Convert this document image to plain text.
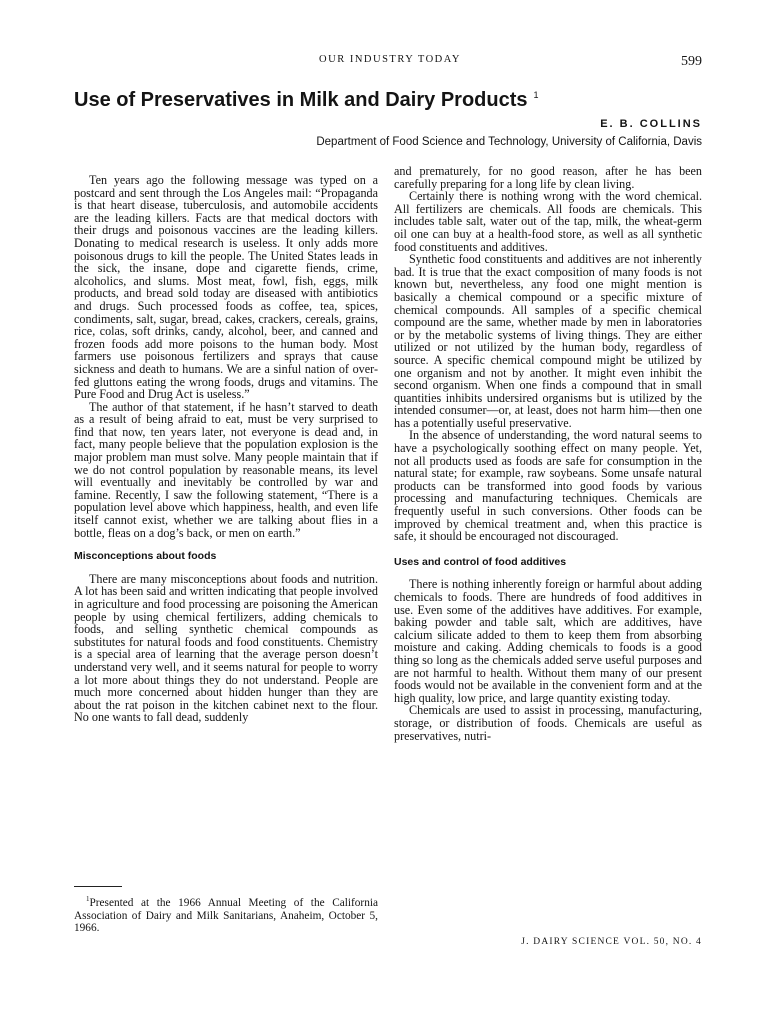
OUR INDUSTRY TODAY	599
Use of Preservatives in Milk and Dairy Products $^1$
E. B. COLLINS
Department of Food Science and Technology, University of California, Davis

Ten years ago the following message was typed on a postcard and sent through the Los Angeles mail: “Propaganda is that heart disease, tuberculosis, and automobile accidents are the leading killers. Facts are that medical doctors with their drugs and poisonous vaccines are the leading killers. Donating to medical research is useless. It only adds more poisonous drugs to kill the people. The United States leads in the sick, the insane, dope and cigarette fiends, crime, alcoholics, and slums. Most meat, fowl, fish, eggs, milk products, and bread sold today are diseased with antibiotics and drugs. Such processed foods as coffee, tea, spices, condiments, salt, sugar, bread, cakes, crackers, cereals, grains, rice, colas, soft drinks, candy, alcohol, beer, and canned and frozen foods add more poisons to the human body. Most farmers use poisonous fertilizers and sprays that cause sickness and death to humans. We are a sinful nation of over-fed gluttons eating the wrong foods, drugs and vitamins. The Pure Food and Drug Act is useless.”

The author of that statement, if he hasn’t starved to death as a result of being afraid to eat, must be very surprised to find that now, ten years later, not everyone is dead and, in fact, many people believe that the population explosion is the major problem man must solve. Many people maintain that if we do not control population by reasonable means, its level will eventually and inevitably be controlled by war and famine. Recently, I saw the following statement, “There is a population level above which happiness, health, and even life itself cannot exist, whether we are talking about flies in a bottle, fleas on a dog’s back, or men on earth.”

Misconceptions about foods

There are many misconceptions about foods and nutrition. A lot has been said and written indicating that people involved in agriculture and food processing are poisoning the American people by using chemical fertilizers, adding chemicals to foods, and selling synthetic chemical compounds as substitutes for natural foods and food constituents. Chemistry is a special area of learning that the average person doesn’t understand very well, and it seems natural for people to worry a lot more about things they do not understand. People are much more concerned about hidden hunger than they are about the rat poison in the kitchen cabinet next to the flour. No one wants to fall dead, suddenly

and prematurely, for no good reason, after he has been carefully preparing for a long life by clean living.

Certainly there is nothing wrong with the word chemical. All fertilizers are chemicals. All foods are chemicals. This includes table salt, water out of the tap, milk, the wheat-germ oil one can buy at a health-food store, as well as all synthetic food constituents and additives.

Synthetic food constituents and additives are not inherently bad. It is true that the exact composition of many foods is not known but, nevertheless, any food one might mention is basically a chemical compound or a specific mixture of chemical compounds. All samples of a specific chemical compound are the same, whether made by men in laboratories or by the metabolic systems of living things. They are either utilized or not utilized by the human body, regardless of source. A specific chemical compound might be utilized by one organism and not by another. It might even inhibit the second organism. When one finds a compound that in small quantities inhibits undersired organisms but is utilized by the intended consumer—or, at least, does not harm him—then one has a potentially useful preservative.

In the absence of understanding, the word natural seems to have a psychologically soothing effect on many people. Yet, not all products used as foods are safe for consumption in the natural state; for example, raw soybeans. Some unsafe natural products can be transformed into good foods by various processing and manufacturing techniques. Chemicals are frequently useful in such conversions. Other foods can be improved by chemical treatment and, when this practice is safe, it should be encouraged not discouraged.

Uses and control of food additives

There is nothing inherently foreign or harmful about adding chemicals to foods. There are hundreds of food additives in use. Even some of the additives have additives. For example, baking powder and table salt, which are additives, have calcium silicate added to them to keep them from absorbing moisture and caking. Adding chemicals to foods is a good thing so long as the chemicals added serve useful purposes and are not harmful to health. Without them many of our present foods would not be available in the convenient form and at the high quality, low price, and large quantity existing today.

Chemicals are used to assist in processing, manufacturing, storage, or distribution of foods. Chemicals are useful as preservatives, nutri-

$^1$Presented at the 1966 Annual Meeting of the California Association of Dairy and Milk Sanitarians, Anaheim, October 5, 1966.
J. DAIRY SCIENCE VOL. 50, NO. 4
